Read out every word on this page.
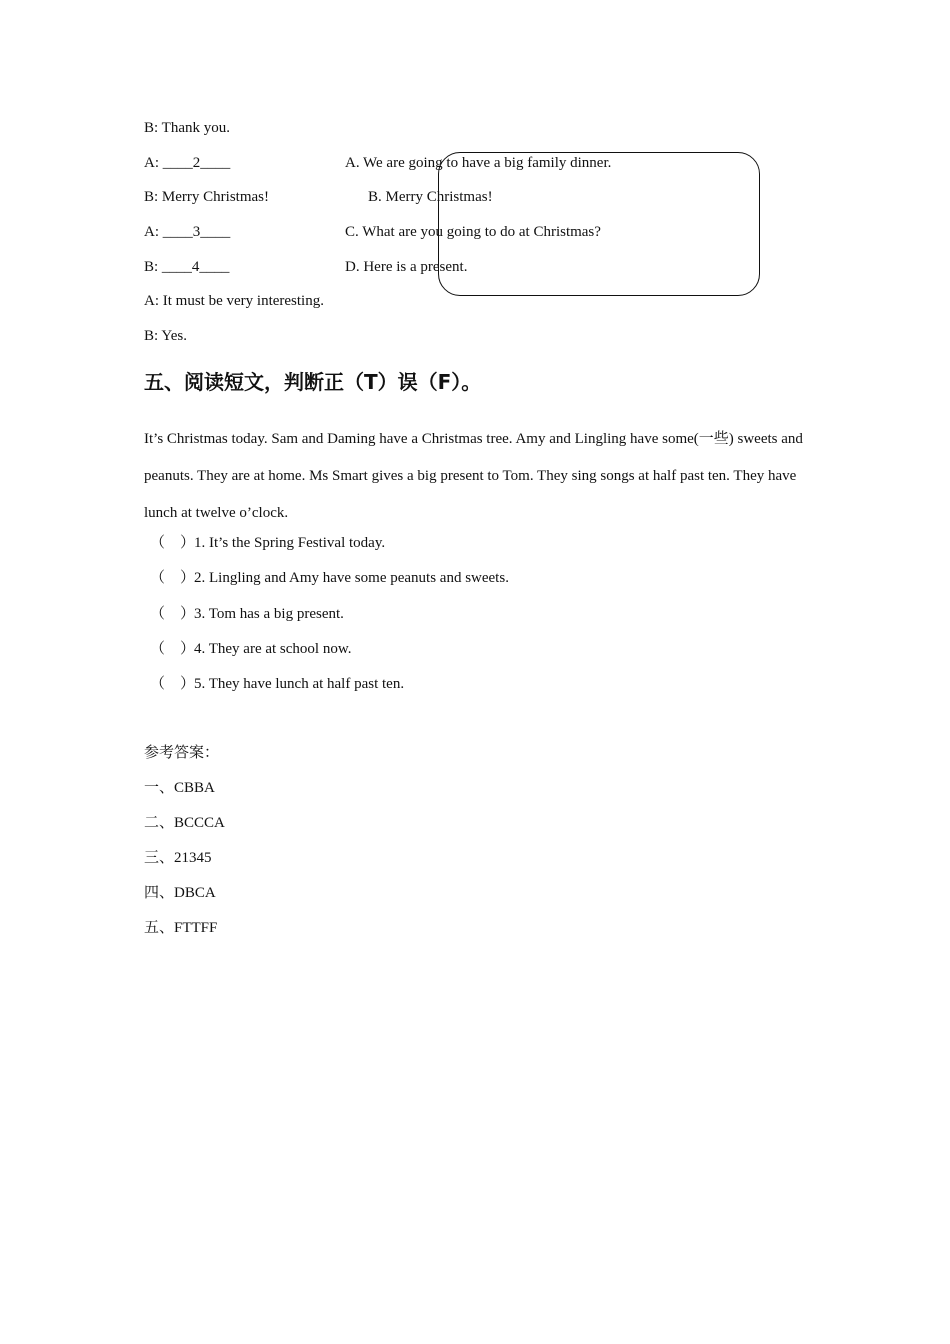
B: Thank you.
A: ____2____
B: Merry Christmas!
A: ____3____
B: ____4____
A: It must be very interesting.
B: Yes.
A. We are going to have a big family dinner.
B. Merry Christmas!
C. What are you going to do at Christmas?
D. Here is a present.
五、阅读短文，判断正（T）误（F）。
It’s Christmas today. Sam and Daming have a Christmas tree. Amy and Lingling have some(一些) sweets and peanuts. They are at home. Ms Smart gives a big present to Tom. They sing songs at half past ten. They have lunch at twelve o’clock.
（　）1. It’s the Spring Festival today.
（　）2. Lingling and Amy have some peanuts and sweets.
（　）3. Tom has a big present.
（　）4. They are at school now.
（　）5. They have lunch at half past ten.
参考答案：
一、CBBA
二、BCCCA
三、21345
四、DBCA
五、FTTFF
